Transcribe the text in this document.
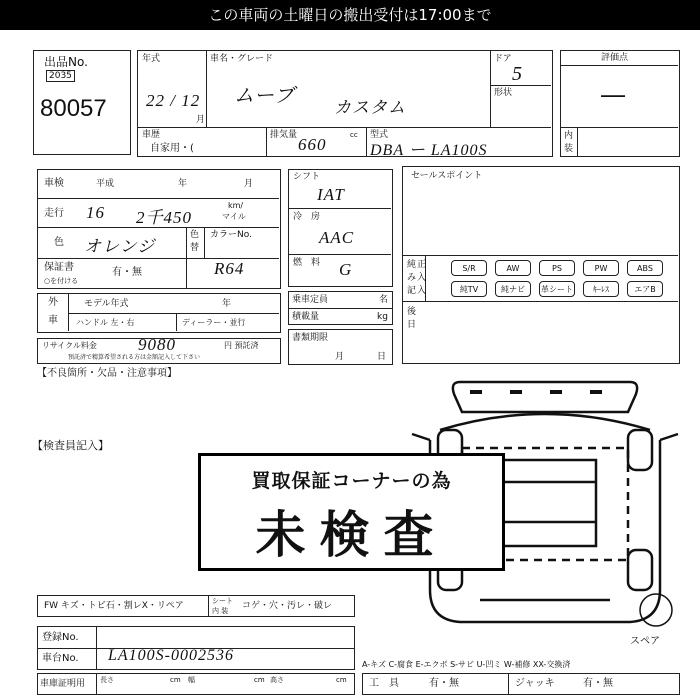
この車両の土曜日の搬出受付は17:00まで
出品No.
2035
80057
年式
22 / 12
月
車名・グレード
ムーブ
カスタム
ドア
5
形状
車歴
自家用・(
排気量 660	cc 型式
DBA ー LA100S
評価点
―
内
装
車検	平成	年	月
走行 16 2千450
km/
マイル
色 オレンジ
色
替
カラーNo.
保証書
○を付ける
有・無	R64
外
車
モデル年式	年
ハンドル 左・右	ディーラー・並行
リサイクル料金 9080	円 預託済
預託済で精算希望される方は金額記入して下さい
シフト
IAT
冷　房
AAC
燃　料 G
乗車定員	名
積載量	kg
書類期限
月	日
セールスポイント
純 正
み 入
記 入
S/R	AW	PS	PW	ABS
純TV	純ナビ	革シート	ｷｰﾚｽ	エアB
後
日
【不良箇所・欠品・注意事項】
【検査員記入】
スペア
買取保証コーナーの為
未検査
FW キズ・トビ石・割レX・リペア	シート
内 装 コゲ・穴・汚レ・破レ
登録No.
車台No. LA100S-0002536
車庫証明用 長さ	cm 幅	cm 高さ	cm
A-キズ C-腐食 E-エクボ S-サビ U-凹ミ W-補修 XX-交換済
工　具	有・無	ジャッキ	有・無
